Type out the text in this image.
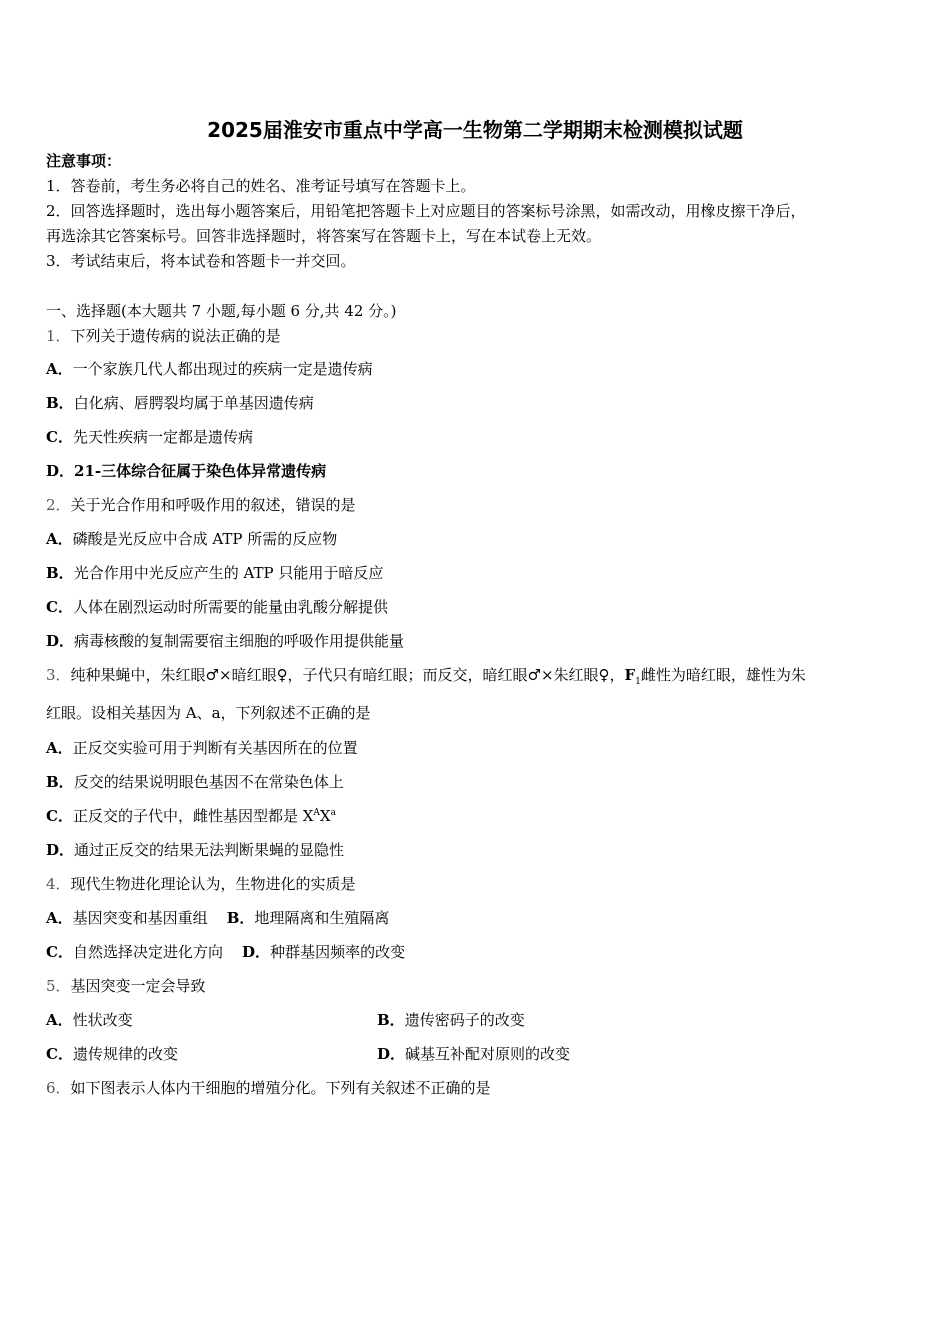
2025届淮安市重点中学高一生物第二学期期末检测模拟试题
注意事项：
1．答卷前，考生务必将自己的姓名、准考证号填写在答题卡上。
2．回答选择题时，选出每小题答案后，用铅笔把答题卡上对应题目的答案标号涂黑，如需改动，用橡皮擦干净后，
再选涂其它答案标号。回答非选择题时，将答案写在答题卡上，写在本试卷上无效。
3．考试结束后，将本试卷和答题卡一并交回。
一、选择题(本大题共 7 小题,每小题 6 分,共 42 分。)
1．下列关于遗传病的说法正确的是
A．一个家族几代人都出现过的疾病一定是遗传病
B．白化病、唇腭裂均属于单基因遗传病
C．先天性疾病一定都是遗传病
D．21-三体综合征属于染色体异常遗传病
2．关于光合作用和呼吸作用的叙述，错误的是
A．磷酸是光反应中合成 ATP 所需的反应物
B．光合作用中光反应产生的 ATP 只能用于暗反应
C．人体在剧烈运动时所需要的能量由乳酸分解提供
D．病毒核酸的复制需要宿主细胞的呼吸作用提供能量
3．纯种果蝇中，朱红眼♂×暗红眼♀，子代只有暗红眼；而反交，暗红眼♂×朱红眼♀，$F_1$雌性为暗红眼，雄性为朱
红眼。设相关基因为 A、a，下列叙述不正确的是
A．正反交实验可用于判断有关基因所在的位置
B．反交的结果说明眼色基因不在常染色体上
C．正反交的子代中，雌性基因型都是 $X^AX^a$
D．通过正反交的结果无法判断果蝇的显隐性
4．现代生物进化理论认为，生物进化的实质是
A．基因突变和基因重组 B．地理隔离和生殖隔离
C．自然选择决定进化方向 D．种群基因频率的改变
5．基因突变一定会导致
A．性状改变	B．遗传密码子的改变
C．遗传规律的改变	D．碱基互补配对原则的改变
6．如下图表示人体内干细胞的增殖分化。下列有关叙述不正确的是
